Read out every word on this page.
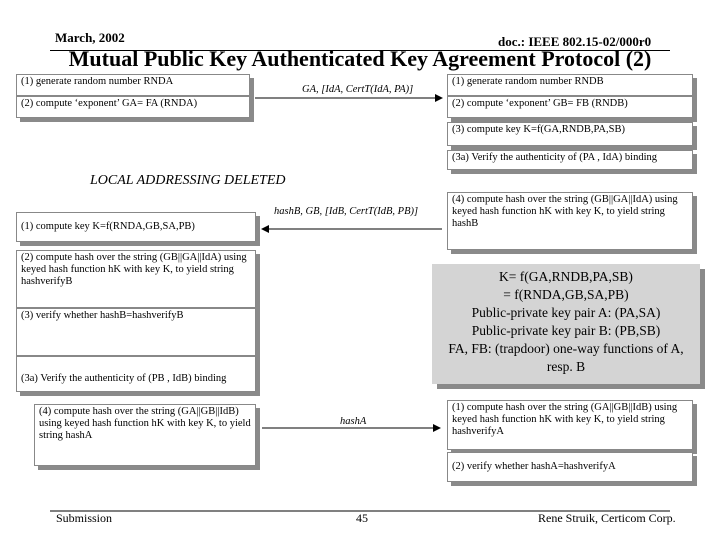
March, 2002	doc.: IEEE 802.15-02/000r0
Mutual Public Key Authenticated Key Agreement Protocol (2)
(1) generate random number RNDA
(2) compute ‘exponent’ GA= FA (RNDA)
LOCAL ADDRESSING DELETED
(1) compute key K=f(RNDA,GB,SA,PB)
(2) compute hash over the string (GB||GA||IdA) using keyed hash function hK with key K, to yield string hashverifyB
(3) verify whether hashB=hashverifyB
(3a) Verify the authenticity of (PB , IdB) binding
(4) compute hash over the string (GA||GB||IdB) using keyed hash function hK with key K, to yield string hashA
GA, [IdA, CertT(IdA, PA)]
hashB, GB, [IdB, CertT(IdB, PB)]
hashA
(1) generate random number RNDB
(2) compute ‘exponent’ GB= FB (RNDB)
(3) compute key K=f(GA,RNDB,PA,SB)
(3a) Verify the authenticity of (PA , IdA) binding
(4) compute hash over the string (GB||GA||IdA) using keyed hash function hK with key K, to yield string hashB
K= f(GA,RNDB,PA,SB)
= f(RNDA,GB,SA,PB)
Public-private key pair A: (PA,SA)
Public-private key pair B: (PB,SB)
FA, FB: (trapdoor) one-way functions of A, resp. B
(1) compute hash over the string (GA||GB||IdB) using keyed hash function hK with key K, to yield string hashverifyA
(2) verify whether hashA=hashverifyA
Submission	45	Rene Struik, Certicom Corp.
